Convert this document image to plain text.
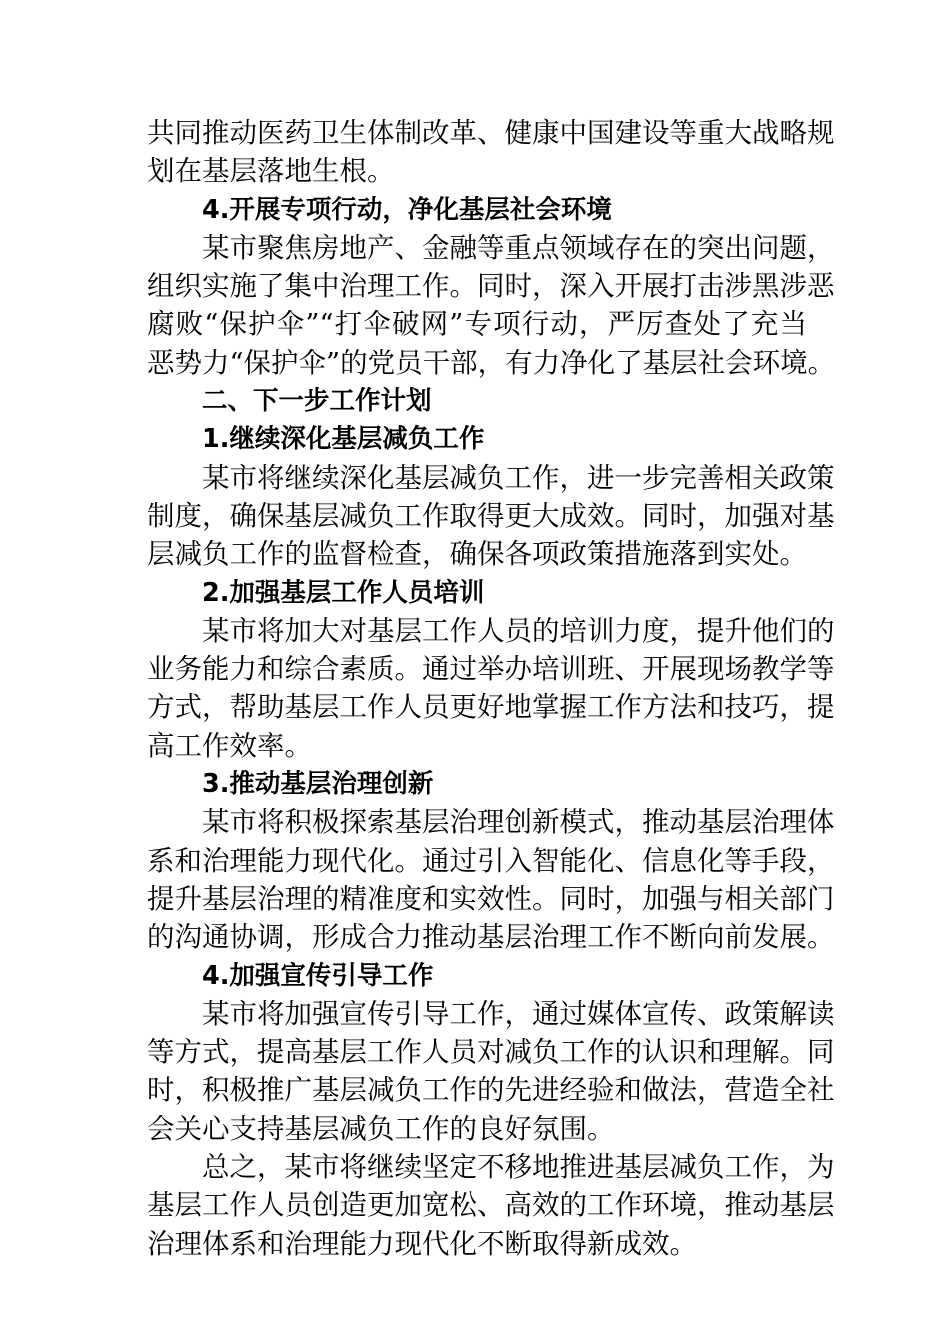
共同推动医药卫生体制改革、健康中国建设等重大战略规
划在基层落地生根。
4.开展专项行动，净化基层社会环境
某市聚焦房地产、金融等重点领域存在的突出问题，
组织实施了集中治理工作。同时，深入开展打击涉黑涉恶
腐败“保护伞”“打伞破网”专项行动，严厉查处了充当
恶势力“保护伞”的党员干部，有力净化了基层社会环境。
二、下一步工作计划
1.继续深化基层减负工作
某市将继续深化基层减负工作，进一步完善相关政策
制度，确保基层减负工作取得更大成效。同时，加强对基
层减负工作的监督检查，确保各项政策措施落到实处。
2.加强基层工作人员培训
某市将加大对基层工作人员的培训力度，提升他们的
业务能力和综合素质。通过举办培训班、开展现场教学等
方式，帮助基层工作人员更好地掌握工作方法和技巧，提
高工作效率。
3.推动基层治理创新
某市将积极探索基层治理创新模式，推动基层治理体
系和治理能力现代化。通过引入智能化、信息化等手段，
提升基层治理的精准度和实效性。同时，加强与相关部门
的沟通协调，形成合力推动基层治理工作不断向前发展。
4.加强宣传引导工作
某市将加强宣传引导工作，通过媒体宣传、政策解读
等方式，提高基层工作人员对减负工作的认识和理解。同
时，积极推广基层减负工作的先进经验和做法，营造全社
会关心支持基层减负工作的良好氛围。
总之，某市将继续坚定不移地推进基层减负工作，为
基层工作人员创造更加宽松、高效的工作环境，推动基层
治理体系和治理能力现代化不断取得新成效。
